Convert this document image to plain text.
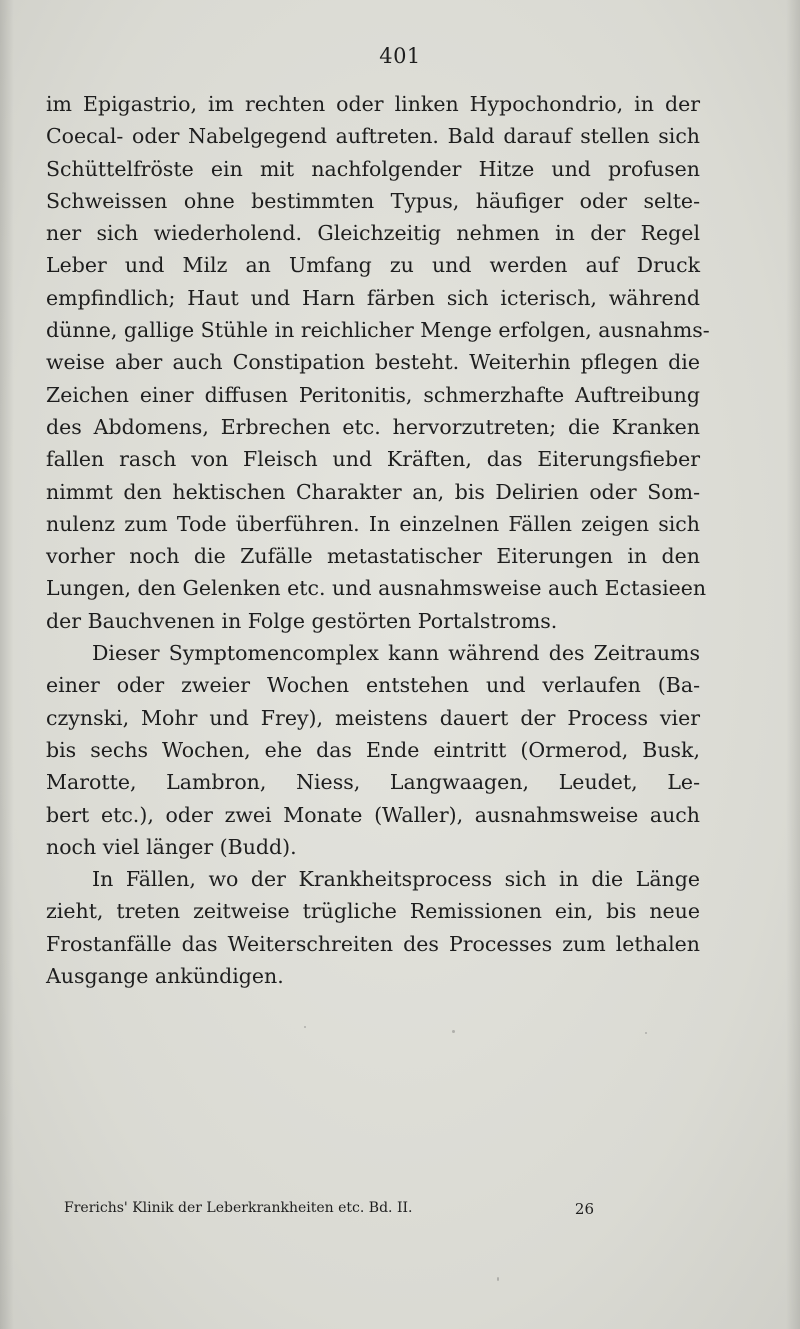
401
im Epigastrio, im rechten oder linken Hypochondrio, in der
Coecal- oder Nabelgegend auftreten. Bald darauf stellen sich
Schüttelfröste ein mit nachfolgender Hitze und profusen
Schweissen ohne bestimmten Typus, häufiger oder selte-
ner sich wiederholend. Gleichzeitig nehmen in der Regel
Leber und Milz an Umfang zu und werden auf Druck
empfindlich; Haut und Harn färben sich icterisch, während
dünne, gallige Stühle in reichlicher Menge erfolgen, ausnahms-
weise aber auch Constipation besteht. Weiterhin pflegen die
Zeichen einer diffusen Peritonitis, schmerzhafte Auftreibung
des Abdomens, Erbrechen etc. hervorzutreten; die Kranken
fallen rasch von Fleisch und Kräften, das Eiterungsfieber
nimmt den hektischen Charakter an, bis Delirien oder Som-
nulenz zum Tode überführen. In einzelnen Fällen zeigen sich
vorher noch die Zufälle metastatischer Eiterungen in den
Lungen, den Gelenken etc. und ausnahmsweise auch Ectasieen
der Bauchvenen in Folge gestörten Portalstroms.
Dieser Symptomencomplex kann während des Zeitraums
einer oder zweier Wochen entstehen und verlaufen (Ba-
czynski, Mohr und Frey), meistens dauert der Process vier
bis sechs Wochen, ehe das Ende eintritt (Ormerod, Busk,
Marotte, Lambron, Niess, Langwaagen, Leudet, Le-
bert etc.), oder zwei Monate (Waller), ausnahmsweise auch
noch viel länger (Budd).
In Fällen, wo der Krankheitsprocess sich in die Länge
zieht, treten zeitweise trügliche Remissionen ein, bis neue
Frostanfälle das Weiterschreiten des Processes zum lethalen
Ausgange ankündigen.
Frerichs' Klinik der Leberkrankheiten etc. Bd. II.	26
